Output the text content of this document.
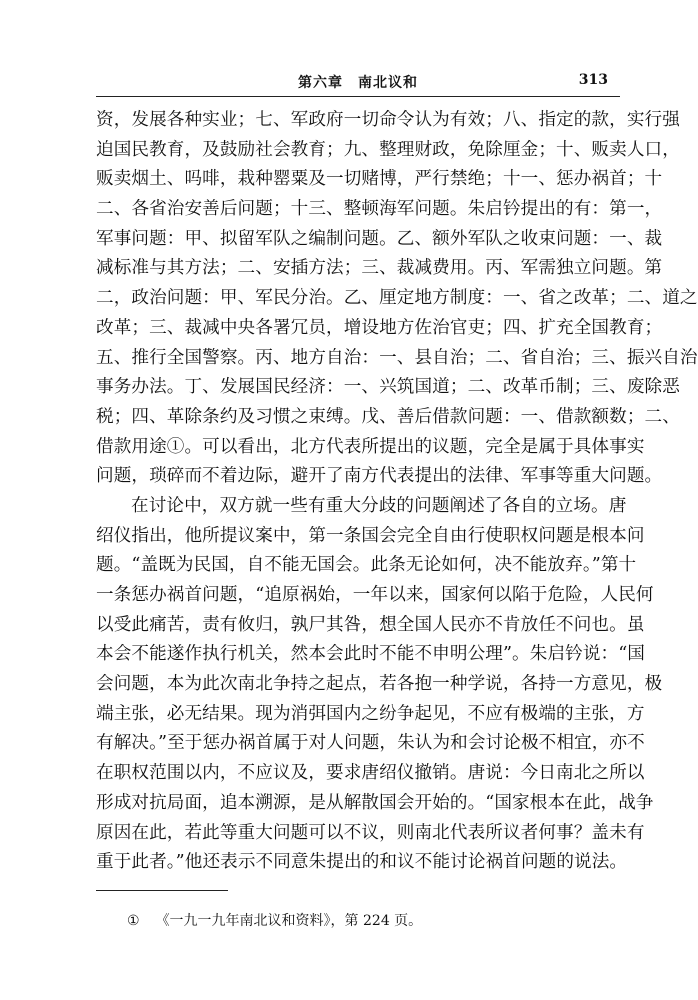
第六章　南北议和	313
资，发展各种实业；七、军政府一切命令认为有效；八、指定的款，实行强
迫国民教育，及鼓励社会教育；九、整理财政，免除厘金；十、贩卖人口，
贩卖烟土、吗啡，栽种罂粟及一切赌博，严行禁绝；十一、惩办祸首；十
二、各省治安善后问题；十三、整顿海军问题。朱启钤提出的有：第一，
军事问题：甲、拟留军队之编制问题。乙、额外军队之收束问题：一、裁
减标准与其方法；二、安插方法；三、裁减费用。丙、军需独立问题。第
二，政治问题：甲、军民分治。乙、厘定地方制度：一、省之改革；二、道之
改革；三、裁减中央各署冗员，增设地方佐治官吏；四、扩充全国教育；
五、推行全国警察。丙、地方自治：一、县自治；二、省自治；三、振兴自治
事务办法。丁、发展国民经济：一、兴筑国道；二、改革币制；三、废除恶
税；四、革除条约及习惯之束缚。戊、善后借款问题：一、借款额数；二、
借款用途①。可以看出，北方代表所提出的议题，完全是属于具体事实
问题，琐碎而不着边际，避开了南方代表提出的法律、军事等重大问题。
在讨论中，双方就一些有重大分歧的问题阐述了各自的立场。唐
绍仪指出，他所提议案中，第一条国会完全自由行使职权问题是根本问
题。“盖既为民国，自不能无国会。此条无论如何，决不能放弃。”第十
一条惩办祸首问题，“追原祸始，一年以来，国家何以陷于危险，人民何
以受此痛苦，责有攸归，孰尸其咎，想全国人民亦不肯放任不问也。虽
本会不能遂作执行机关，然本会此时不能不申明公理”。朱启钤说：“国
会问题，本为此次南北争持之起点，若各抱一种学说，各持一方意见，极
端主张，必无结果。现为消弭国内之纷争起见，不应有极端的主张，方
有解决。”至于惩办祸首属于对人问题，朱认为和会讨论极不相宜，亦不
在职权范围以内，不应议及，要求唐绍仪撤销。唐说：今日南北之所以
形成对抗局面，追本溯源，是从解散国会开始的。“国家根本在此，战争
原因在此，若此等重大问题可以不议，则南北代表所议者何事？盖未有
重于此者。”他还表示不同意朱提出的和议不能讨论祸首问题的说法。
① 《一九一九年南北议和资料》，第 224 页。
